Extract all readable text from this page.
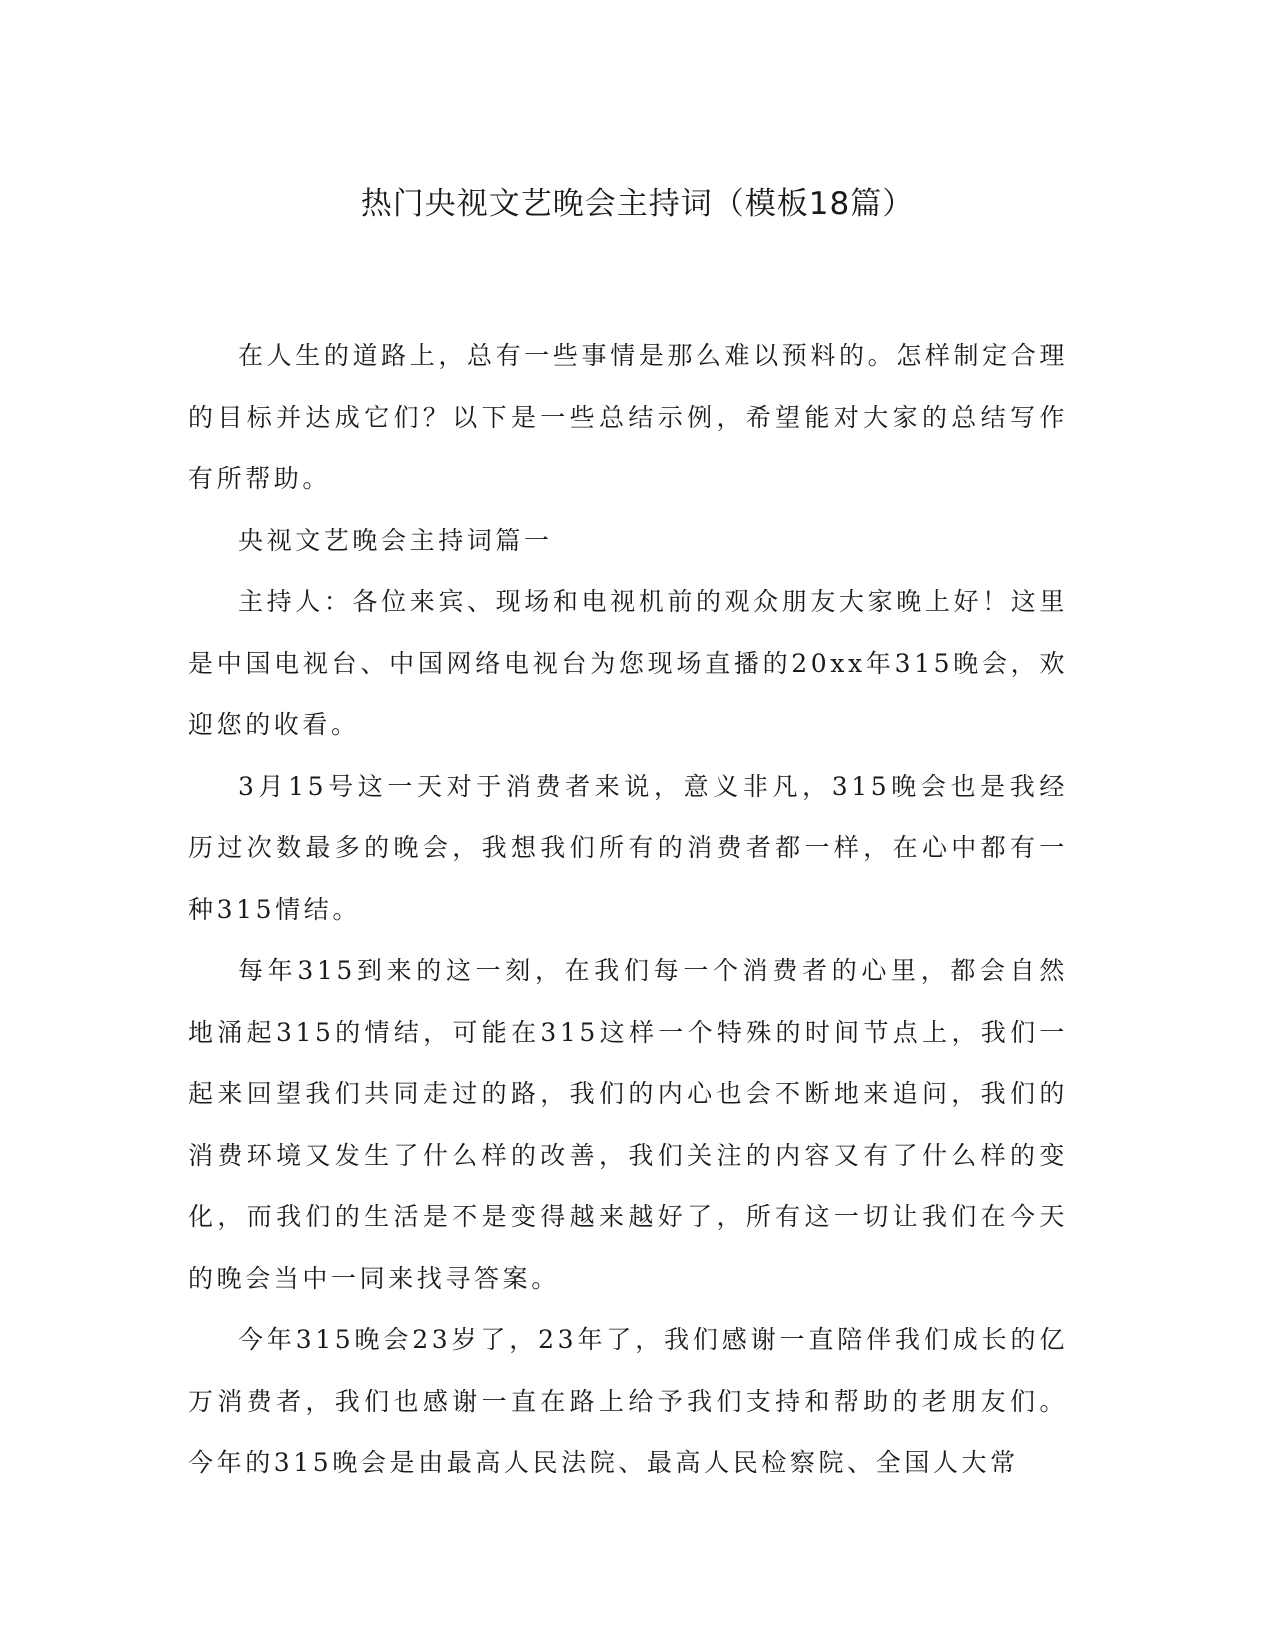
热门央视文艺晚会主持词（模板18篇）

在人生的道路上，总有一些事情是那么难以预料的。怎样制定合理的目标并达成它们？以下是一些总结示例，希望能对大家的总结写作有所帮助。

央视文艺晚会主持词篇一

主持人：各位来宾、现场和电视机前的观众朋友大家晚上好！这里是中国电视台、中国网络电视台为您现场直播的20xx年315晚会，欢迎您的收看。

3月15号这一天对于消费者来说，意义非凡，315晚会也是我经历过次数最多的晚会，我想我们所有的消费者都一样，在心中都有一种315情结。

每年315到来的这一刻，在我们每一个消费者的心里，都会自然地涌起315的情结，可能在315这样一个特殊的时间节点上，我们一起来回望我们共同走过的路，我们的内心也会不断地来追问，我们的消费环境又发生了什么样的改善，我们关注的内容又有了什么样的变化，而我们的生活是不是变得越来越好了，所有这一切让我们在今天的晚会当中一同来找寻答案。

今年315晚会23岁了，23年了，我们感谢一直陪伴我们成长的亿万消费者，我们也感谢一直在路上给予我们支持和帮助的老朋友们。今年的315晚会是由最高人民法院、最高人民检察院、全国人大常
